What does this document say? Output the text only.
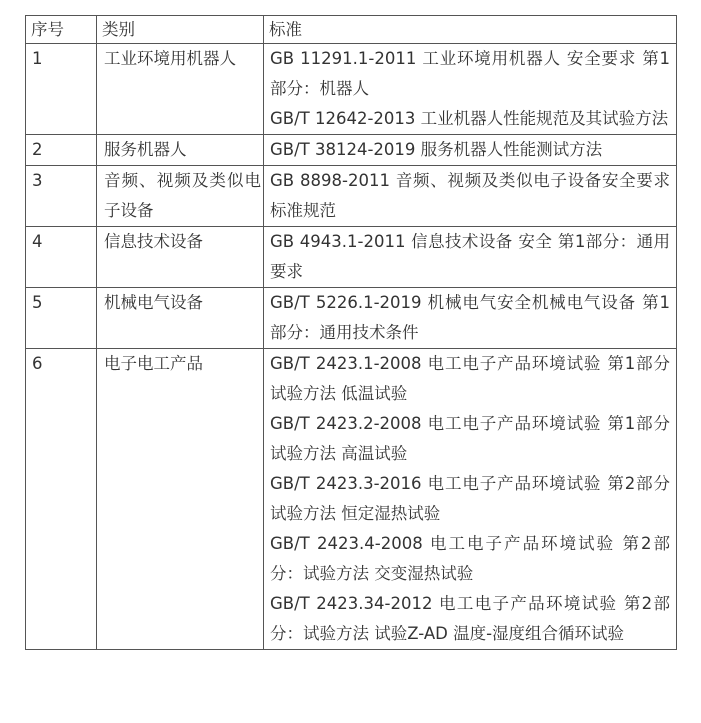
序号	类别	标准
1	工业环境用机器人	GB 11291.1-2011 工业环境用机器人 安全要求 第1部分：机器人
GB/T 12642-2013 工业机器人性能规范及其试验方法

2	服务机器人	GB/T 38124-2019 服务机器人性能测试方法

3	音频、视频及类似电子设备	GB 8898-2011 音频、视频及类似电子设备安全要求标准规范

4	信息技术设备	GB 4943.1-2011 信息技术设备 安全 第1部分：通用要求

5	机械电气设备	GB/T 5226.1-2019 机械电气安全机械电气设备 第1部分：通用技术条件

6	电子电工产品	GB/T 2423.1-2008 电工电子产品环境试验 第1部分 试验方法 低温试验
GB/T 2423.2-2008 电工电子产品环境试验 第1部分 试验方法 高温试验
GB/T 2423.3-2016 电工电子产品环境试验 第2部分 试验方法 恒定湿热试验
GB/T 2423.4-2008 电工电子产品环境试验 第2部分：试验方法 交变湿热试验
GB/T 2423.34-2012 电工电子产品环境试验 第2部分：试验方法 试验Z-AD 温度-湿度组合循环试验
